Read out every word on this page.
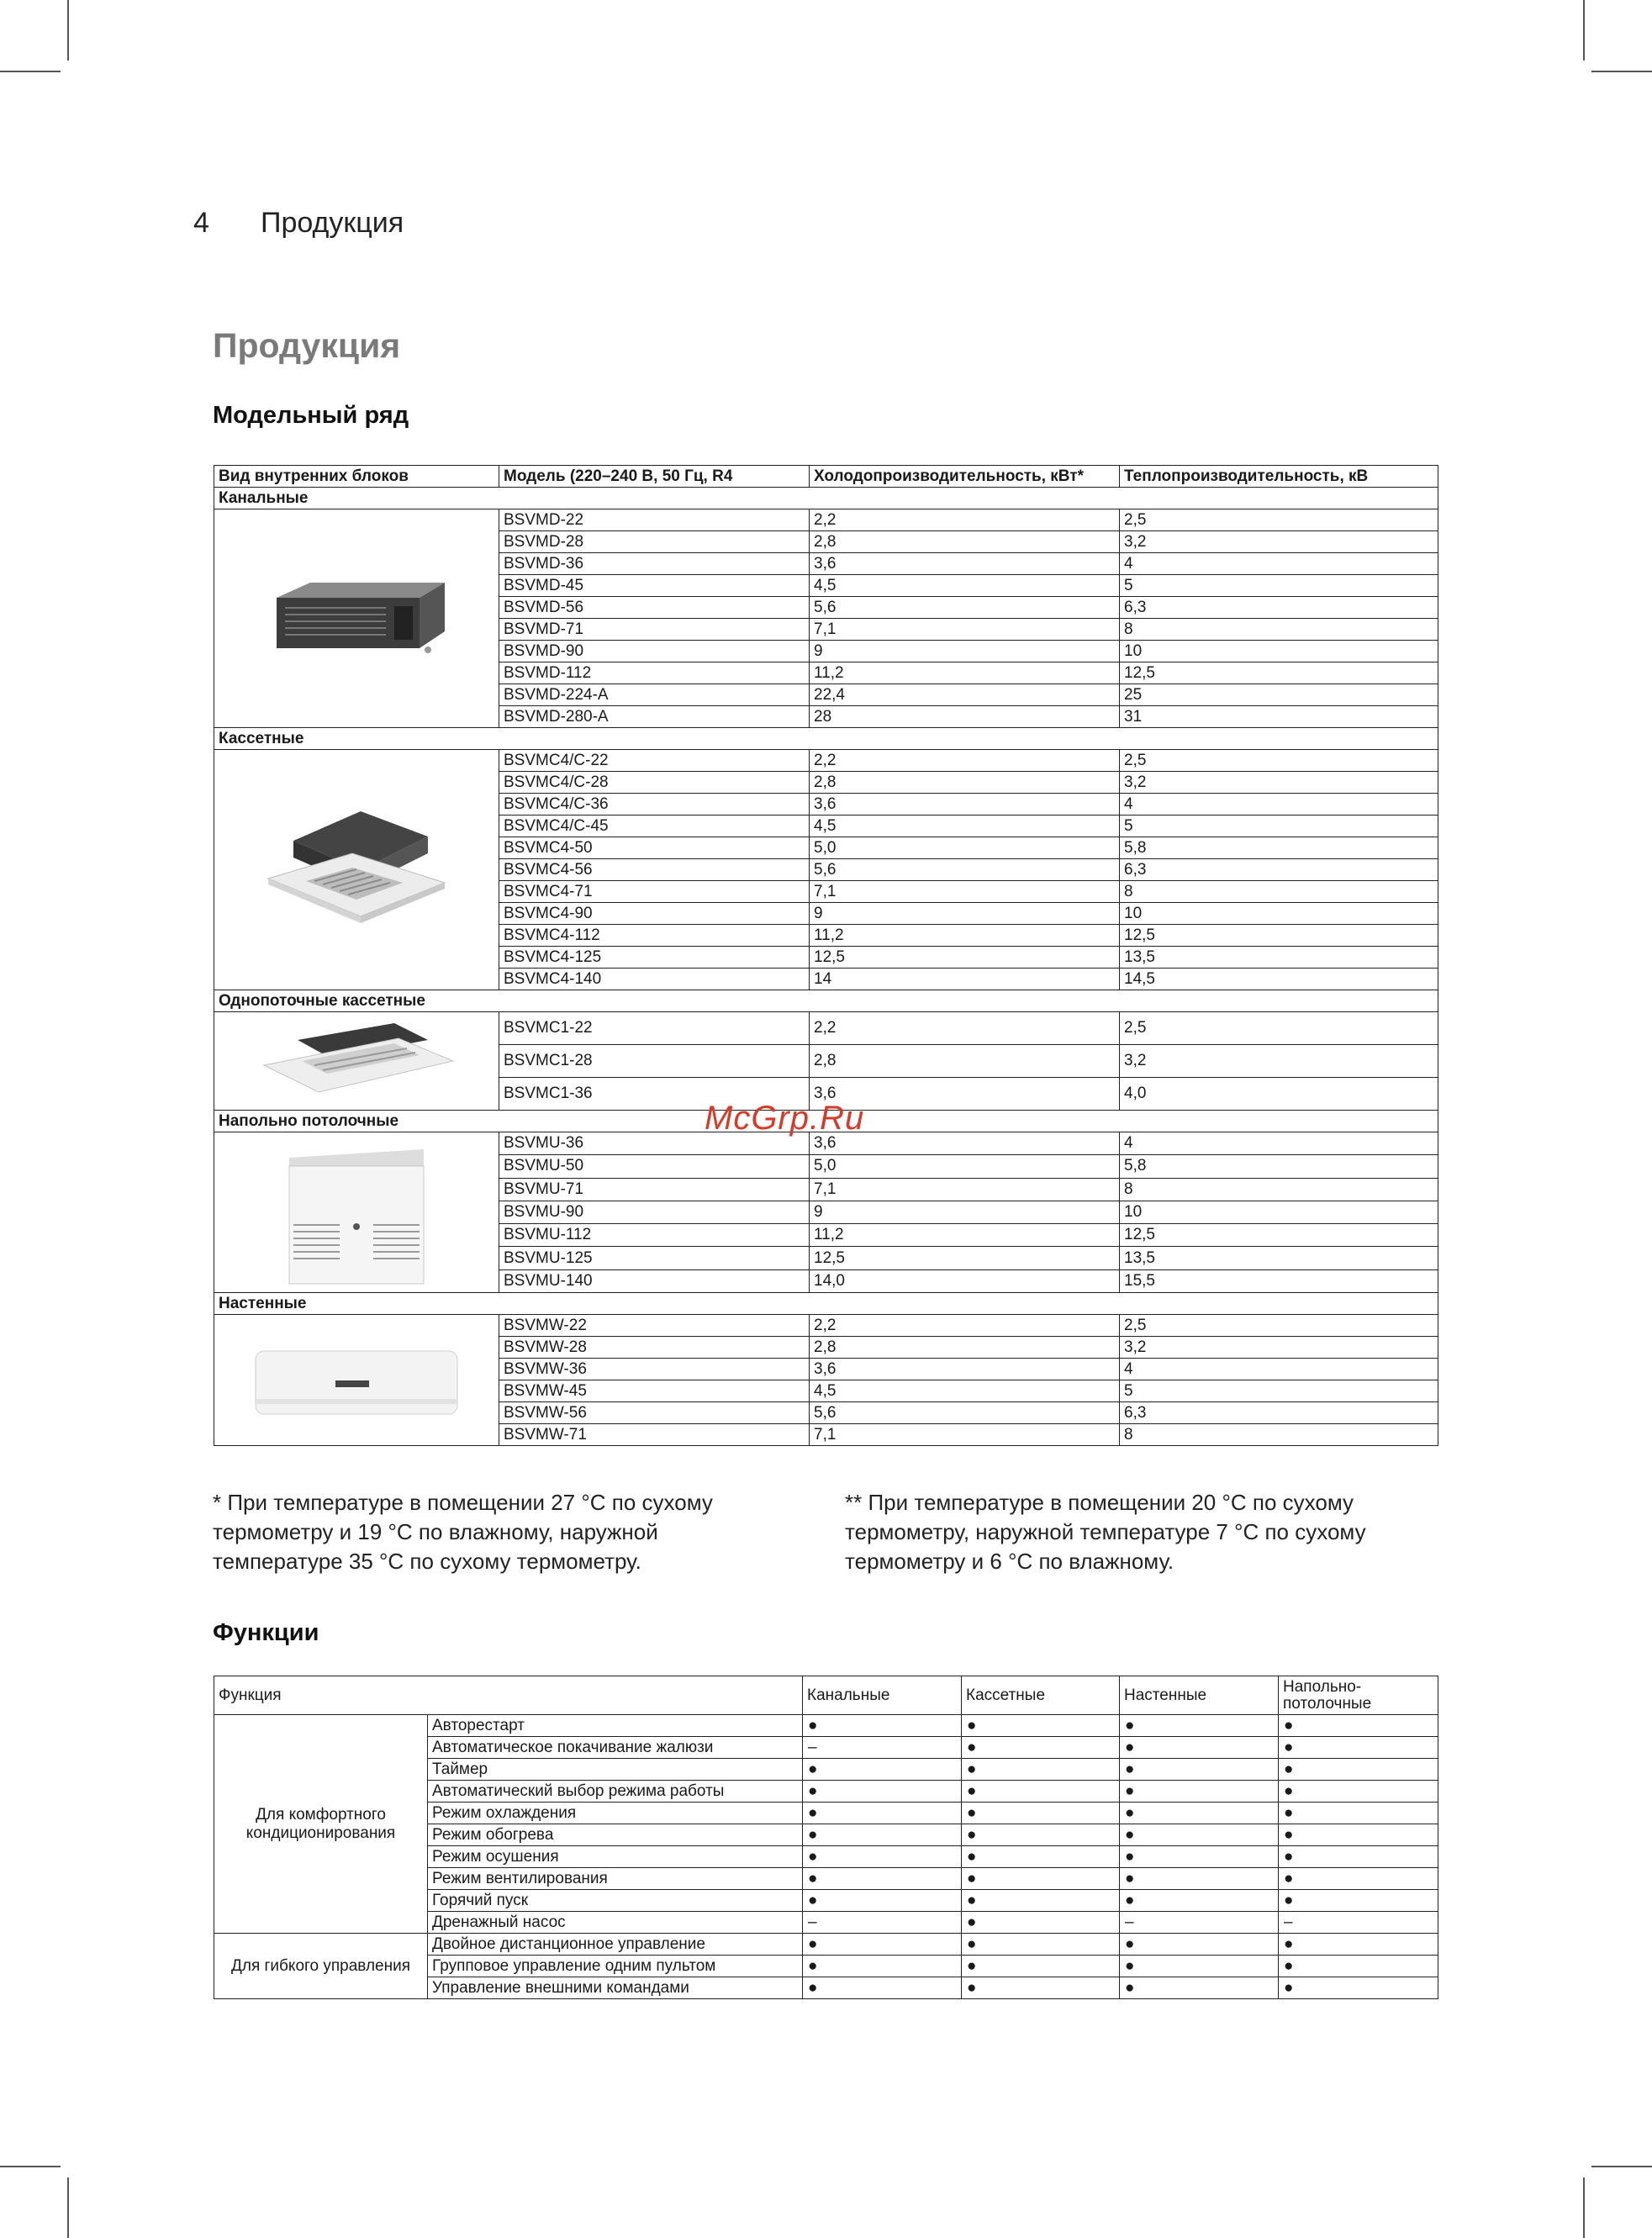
4 Продукция
Продукция
Модельный ряд
Вид внутренних блоков	Модель (220–240 В, 50 Гц, R4	Холодопроизводительность, кВт*	Теплопроизводительность, кВ
Канальные			

	BSVMD-22	2,2	2,5
	BSVMD-28	2,8	3,2
	BSVMD-36	3,6	4
	BSVMD-45	4,5	5
	BSVMD-56	5,6	6,3
	BSVMD-71	7,1	8
	BSVMD-90	9	10
	BSVMD-112	11,2	12,5
	BSVMD-224-A	22,4	25
	BSVMD-280-A	28	31
Кассетные			

	BSVMC4/C-22	2,2	2,5
	BSVMC4/C-28	2,8	3,2
	BSVMC4/C-36	3,6	4
	BSVMC4/C-45	4,5	5
	BSVMC4-50	5,0	5,8
	BSVMC4-56	5,6	6,3
	BSVMC4-71	7,1	8
	BSVMC4-90	9	10
	BSVMC4-112	11,2	12,5
	BSVMC4-125	12,5	13,5
	BSVMC4-140	14	14,5
Однопоточные кассетные			

	BSVMC1-22	2,2	2,5
	BSVMC1-28	2,8	3,2
	BSVMC1-36	3,6	4,0
Напольно потолочные			

	BSVMU-36	3,6	4
	BSVMU-50	5,0	5,8
	BSVMU-71	7,1	8
	BSVMU-90	9	10
	BSVMU-112	11,2	12,5
	BSVMU-125	12,5	13,5
	BSVMU-140	14,0	15,5
Настенные			

	BSVMW-22	2,2	2,5
	BSVMW-28	2,8	3,2
	BSVMW-36	3,6	4
	BSVMW-45	4,5	5
	BSVMW-56	5,6	6,3
	BSVMW-71	7,1	8
* При температуре в помещении 27 °С по сухому термометру и 19 °С по влажному, наружной температуре 35 °С по сухому термометру.
** При температуре в помещении 20 °С по сухому термометру, наружной температуре 7 °С по сухому термометру и 6 °С по влажному.
Функции
Функция		Канальные	Кассетные	Настенные	Напольно-потолочные
Для комфортного кондиционирования	Авторестарт	●	●	●	●
	Автоматическое покачивание жалюзи	–	●	●	●
	Таймер	●	●	●	●
	Автоматический выбор режима работы	●	●	●	●
	Режим охлаждения	●	●	●	●
	Режим обогрева	●	●	●	●
	Режим осушения	●	●	●	●
	Режим вентилирования	●	●	●	●
	Горячий пуск	●	●	●	●
	Дренажный насос	–	●	–	–
Для гибкого управления	Двойное дистанционное управление	●	●	●	●
	Групповое управление одним пультом	●	●	●	●
	Управление внешними командами	●	●	●	●
McGrp.Ru
